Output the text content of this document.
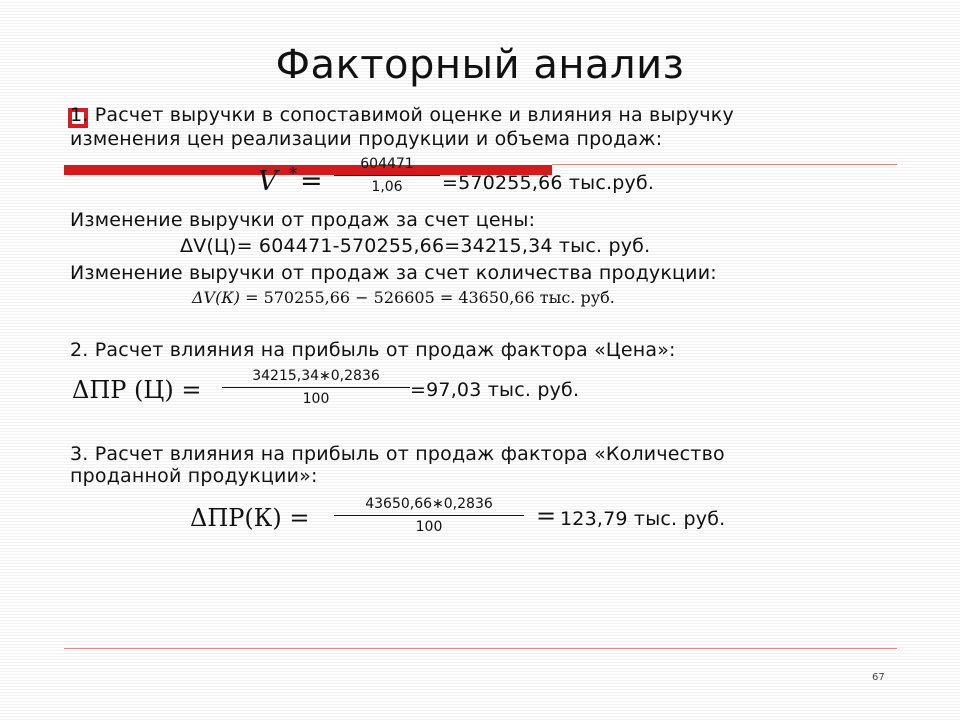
Факторный анализ
1. Расчет выручки в сопоставимой оценке и влияния на выручку
изменения цен реализации продукции и объема продаж:
V * =
604471
1,06	=570255,66 тыс.руб.
Изменение выручки от продаж за счет цены:
ΔV(Ц)= 604471-570255,66=34215,34 тыс. руб.
Изменение выручки от продаж за счет количества продукции:
ΔV(К) = 570255,66 − 526605 = 43650,66 тыс. руб.
2. Расчет влияния на прибыль от продаж фактора «Цена»:
ΔПР (Ц) =	34215,34∗0,2836
100	=97,03 тыс. руб.
3. Расчет влияния на прибыль от продаж фактора «Количество
проданной продукции»:
ΔПР(К) =	43650,66∗0,2836
100	= 123,79 тыс. руб.
67
